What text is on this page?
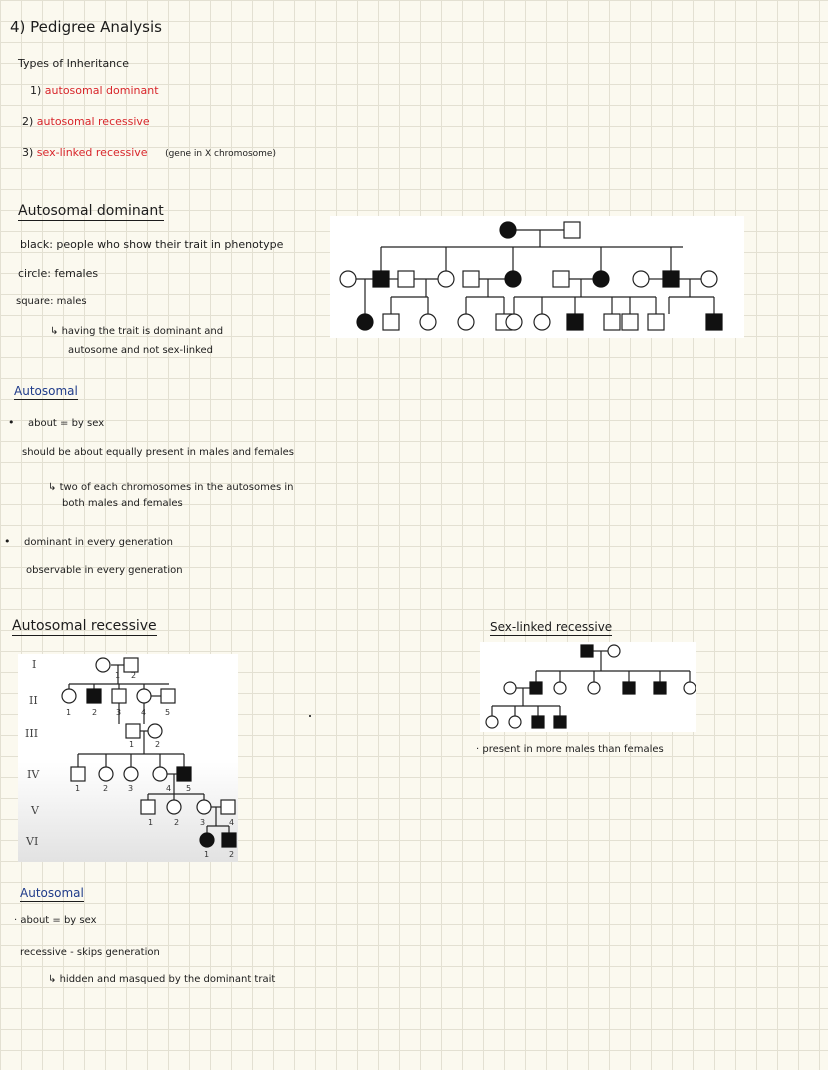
4) Pedigree Analysis
Types of Inheritance
1) autosomal dominant
2) autosomal recessive
3) sex-linked recessive (gene in X chromosome)
Autosomal dominant
black: people who show their trait in phenotype
circle: females
square: males
↳ having the trait is dominant and
autosome and not sex-linked
Autosomal
• about = by sex
should be about equally present in males and females
↳ two of each chromosomes in the autosomes in
both males and females
• dominant in every generation
observable in every generation
Autosomal recessive
I
II
III
IV
V
VI
1 2
1	2 3 4 5
1	2
1	2 3	4 5
1	2	3	4
1 2
Sex-linked recessive
· present in more males than females
Autosomal
· about = by sex
recessive - skips generation
↳ hidden and masqued by the dominant trait
